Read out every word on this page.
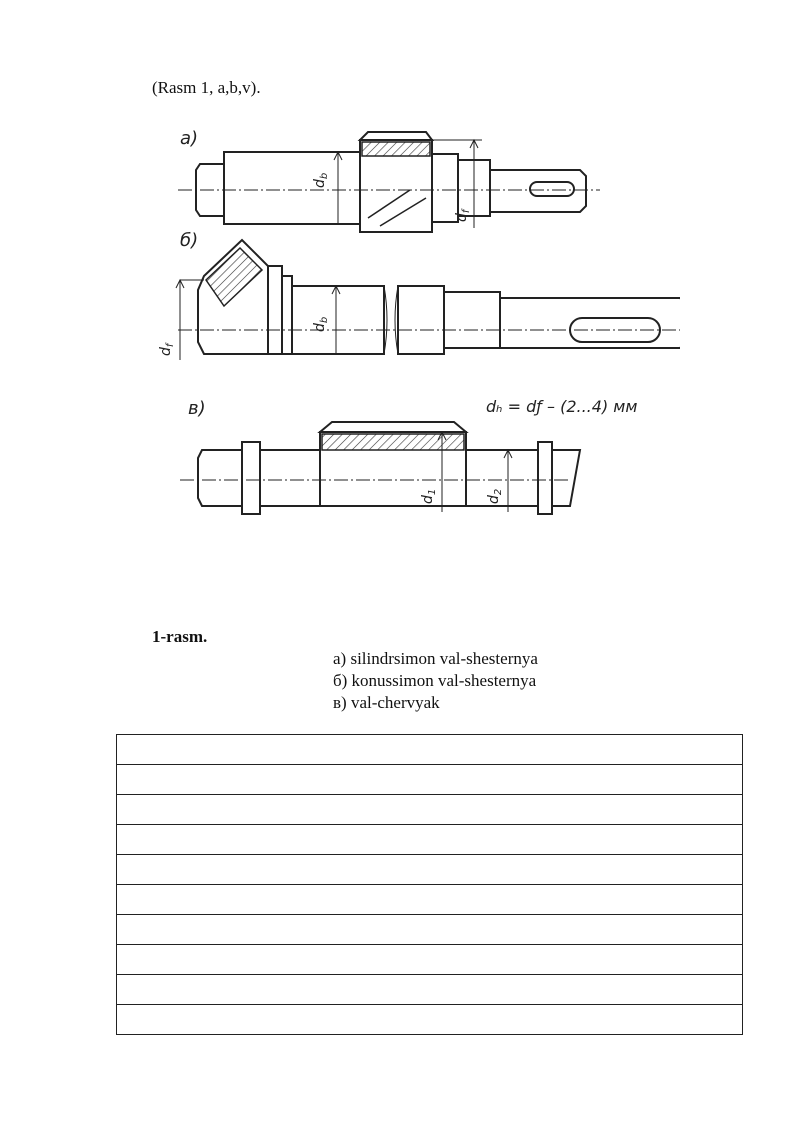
(Rasm 1, a,b,v).
a)
$d_b$
$d_f$
б)
$d_f$
$d_b$
в)	dₕ = dƒ – (2...4) мм
$d_1$
$d_2$
1-rasm.
а) silindrsimon val-shesternya
б) konussimon val-shesternya
в) val-chervyak
